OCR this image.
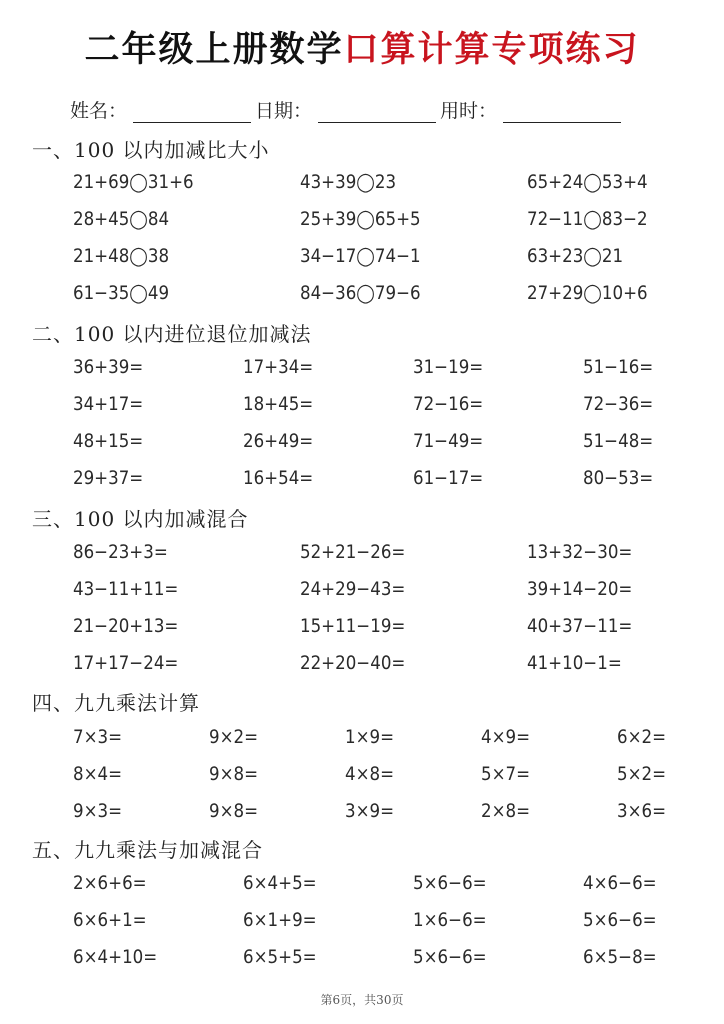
二年级上册数学口算计算专项练习
姓名：	日期：	用时：
一、100 以内加减比大小
21+69◯31+6	43+39◯23	65+24◯53+4
28+45◯84	25+39◯65+5	72−11◯83−2
21+48◯38	34−17◯74−1	63+23◯21
61−35◯49	84−36◯79−6	27+29◯10+6
二、100 以内进位退位加减法
36+39=	17+34=	31−19=	51−16=
34+17=	18+45=	72−16=	72−36=
48+15=	26+49=	71−49=	51−48=
29+37=	16+54=	61−17=	80−53=
三、100 以内加减混合
86−23+3=	52+21−26=	13+32−30=
43−11+11=	24+29−43=	39+14−20=
21−20+13=	15+11−19=	40+37−11=
17+17−24=	22+20−40=	41+10−1=
四、九九乘法计算
7×3=	9×2=	1×9=	4×9=	6×2=
8×4=	9×8=	4×8=	5×7=	5×2=
9×3=	9×8=	3×9=	2×8=	3×6=
五、九九乘法与加减混合
2×6+6=	6×4+5=	5×6−6=	4×6−6=
6×6+1=	6×1+9=	1×6−6=	5×6−6=
6×4+10=	6×5+5=	5×6−6=	6×5−8=
第6页，共30页
